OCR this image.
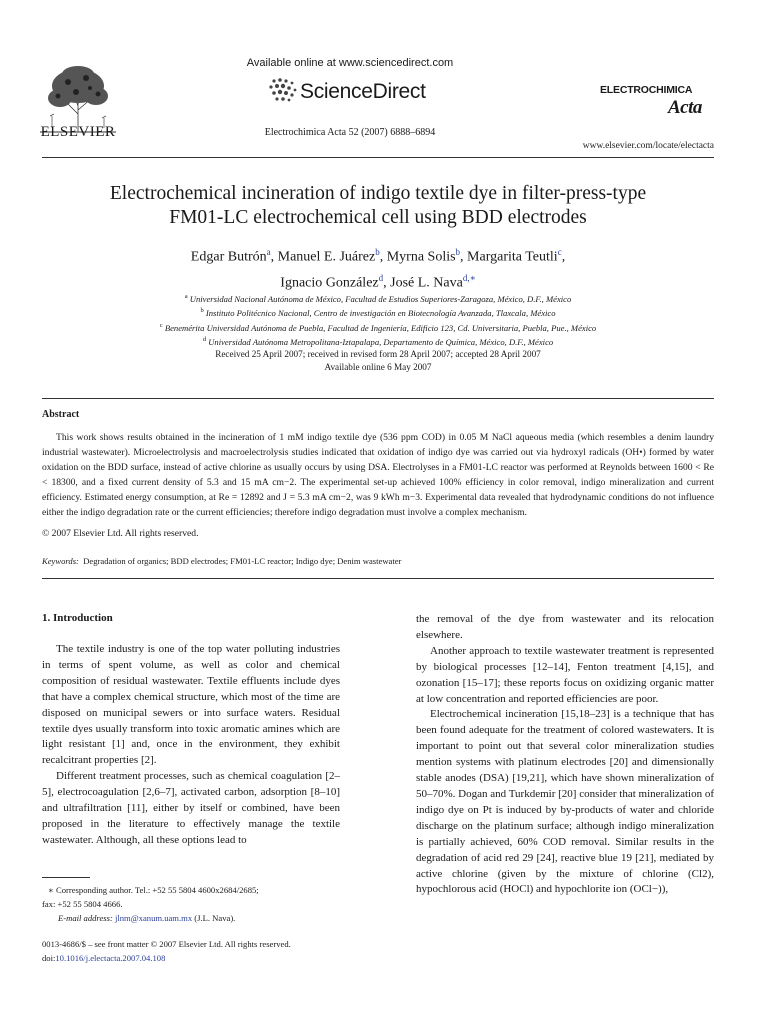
ELSEVIER
Available online at www.sciencedirect.com
ScienceDirect
Electrochimica Acta 52 (2007) 6888–6894
ELECTROCHIMICA
Acta
www.elsevier.com/locate/electacta
Electrochemical incineration of indigo textile dye in filter-press-type
FM01-LC electrochemical cell using BDD electrodes
Edgar Butrón$^a$, Manuel E. Juárez$^b$, Myrna Solis$^b$, Margarita Teutli$^c$,
Ignacio González$^d$, José L. Nava$^{d,∗}$
$^a$ Universidad Nacional Autónoma de México, Facultad de Estudios Superiores-Zaragoza, México, D.F., México
$^b$ Instituto Politécnico Nacional, Centro de investigación en Biotecnología Avanzada, Tlaxcala, México
$^c$ Benemérita Universidad Autónoma de Puebla, Facultad de Ingeniería, Edificio 123, Cd. Universitaria, Puebla, Pue., México
$^d$ Universidad Autónoma Metropolitana-Iztapalapa, Departamento de Química, México, D.F., México
Received 25 April 2007; received in revised form 28 April 2007; accepted 28 April 2007
Available online 6 May 2007
Abstract

This work shows results obtained in the incineration of 1 mM indigo textile dye (536 ppm COD) in 0.05 M NaCl aqueous media (which resembles a denim laundry industrial wastewater). Microelectrolysis and macroelectrolysis studies indicated that oxidation of indigo dye was carried out via hydroxyl radicals (OH•) formed by water oxidation on the BDD surface, instead of active chlorine as usually occurs by using DSA. Electrolyses in a FM01-LC reactor was performed at Reynolds between 1600 < Re < 18300, and a fixed current density of 5.3 and 15 mA cm−2. The experimental set-up achieved 100% efficiency in color removal, indigo mineralization and current efficiency. Estimated energy consumption, at Re = 12892 and J = 5.3 mA cm−2, was 9 kWh m−3. Experimental data revealed that hydrodynamic conditions do not influence either the indigo degradation rate or the current efficiencies; therefore indigo degradation must involve a complex mechanism.

© 2007 Elsevier Ltd. All rights reserved.
Keywords: Degradation of organics; BDD electrodes; FM01-LC reactor; Indigo dye; Denim wastewater
1. Introduction

The textile industry is one of the top water polluting industries in terms of spent volume, as well as color and chemical composition of residual wastewater. Textile effluents include dyes that have a complex chemical structure, which most of the time are disposed on municipal sewers or into surface waters. Residual textile dyes usually transform into toxic aromatic amines which are light resistant [1] and, once in the environment, they exhibit recalcitrant properties [2].

Different treatment processes, such as chemical coagulation [2–5], electrocoagulation [2,6–7], activated carbon, adsorption [8–10] and ultrafiltration [11], either by itself or combined, have been proposed in the literature to effectively manage the textile wastewater. Although, all these options lead to

the removal of the dye from wastewater and its relocation elsewhere.

Another approach to textile wastewater treatment is represented by biological processes [12–14], Fenton treatment [4,15], and ozonation [15–17]; these reports focus on oxidizing organic matter at low concentration and reported efficiencies are poor.

Electrochemical incineration [15,18–23] is a technique that has been found adequate for the treatment of colored wastewaters. It is important to point out that several color mineralization studies mention systems with platinum electrodes [20] and dimensionally stable anodes (DSA) [19,21], which have shown mineralization of 50–70%. Dogan and Turkdemir [20] consider that mineralization of indigo dye on Pt is induced by by-products of water and chloride discharge on the platinum surface; although indigo mineralization is partially achieved, 60% COD removal. Similar results in the degradation of acid red 29 [24], reactive blue 19 [21], mediated by active chlorine (given by the mixture of chlorine (Cl2), hypochlorous acid (HOCl) and hypochlorite ion (OCl−)),

∗ Corresponding author. Tel.: +52 55 5804 4600x2684/2685;
fax: +52 55 5804 4666.
E-mail address: jlnm@xanum.uam.mx (J.L. Nava).
0013-4686/$ – see front matter © 2007 Elsevier Ltd. All rights reserved.
doi:10.1016/j.electacta.2007.04.108
